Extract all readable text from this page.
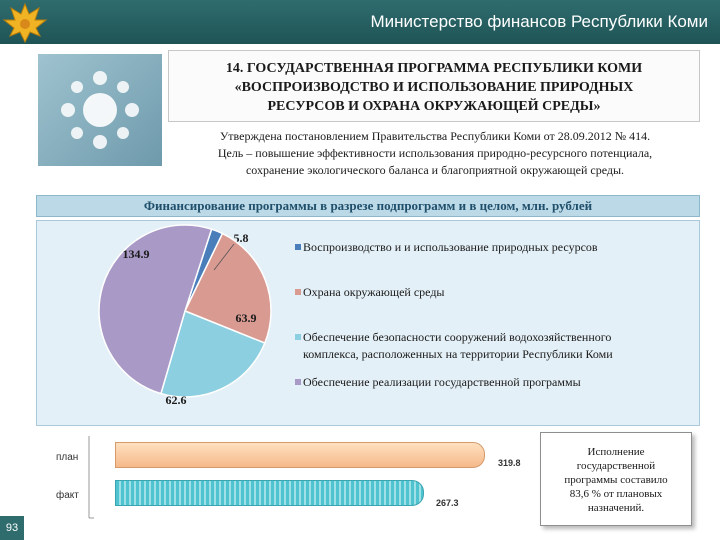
Министерство финансов Республики Коми
14. ГОСУДАРСТВЕННАЯ ПРОГРАММА РЕСПУБЛИКИ КОМИ
«ВОСПРОИЗВОДСТВО И ИСПОЛЬЗОВАНИЕ ПРИРОДНЫХ
РЕСУРСОВ И ОХРАНА ОКРУЖАЮЩЕЙ СРЕДЫ»
Утверждена постановлением Правительства Республики Коми от 28.09.2012 № 414.
Цель – повышение эффективности использования природно-ресурсного потенциала,
сохранение экологического баланса и благоприятной окружающей среды.
Финансирование программы в разрезе подпрограмм и в целом, млн. рублей
5.8
63.9
62.6
134.9	Воспроизводство и и использование природных ресурсов
Охрана окружающей среды
Обеспечение безопасности сооружений водохозяйственного
комплекса, расположенных на территории Республики Коми
Обеспечение реализации государственной программы
план
факт
319.8
267.3
Исполнение
государственной
программы составило
83,6 % от плановых
назначений.
93
